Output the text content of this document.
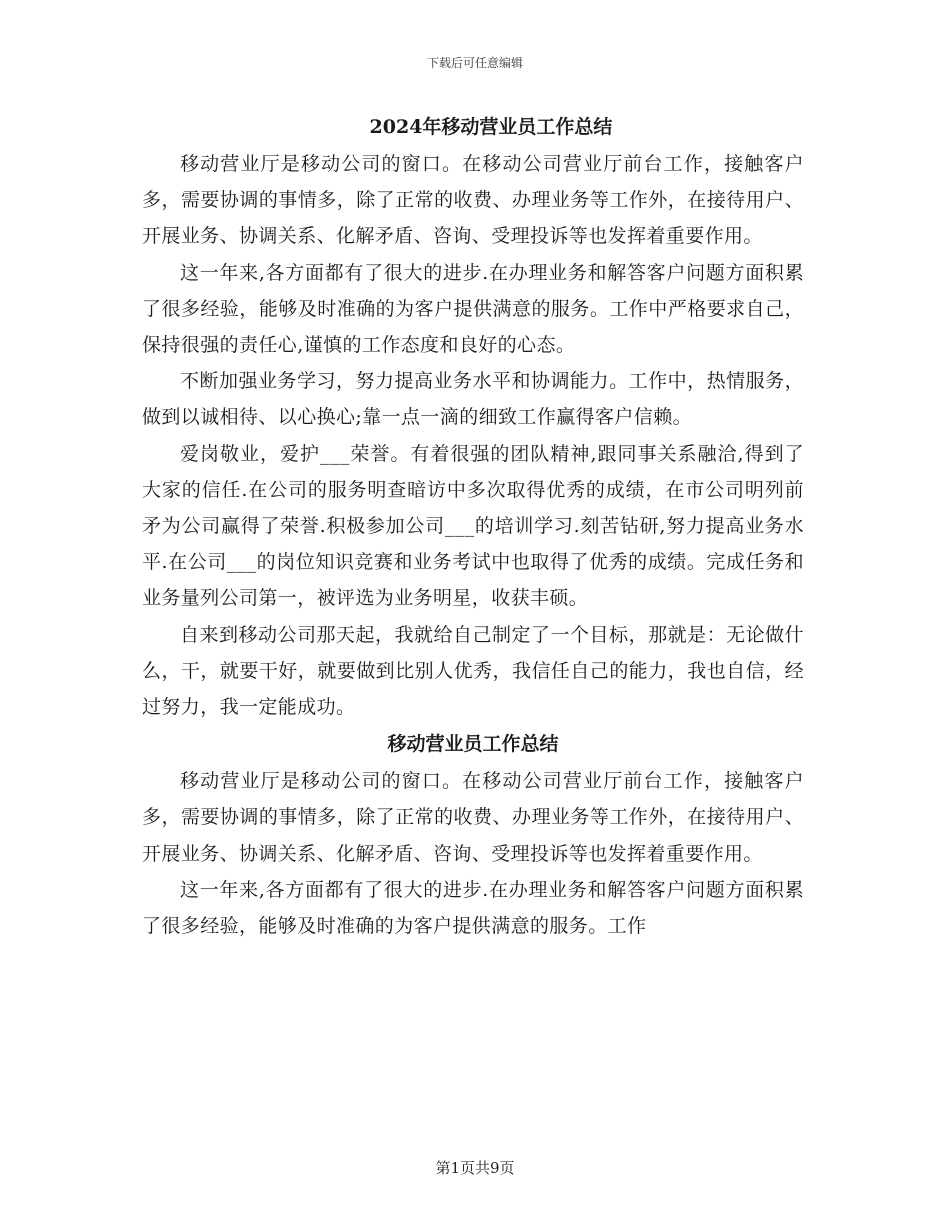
下载后可任意编辑
2024年移动营业员工作总结

移动营业厅是移动公司的窗口。在移动公司营业厅前台工作，接触客户多，需要协调的事情多，除了正常的收费、办理业务等工作外，在接待用户、开展业务、协调关系、化解矛盾、咨询、受理投诉等也发挥着重要作用。

这一年来,各方面都有了很大的进步.在办理业务和解答客户问题方面积累了很多经验，能够及时准确的为客户提供满意的服务。工作中严格要求自己，保持很强的责任心,谨慎的工作态度和良好的心态。

不断加强业务学习，努力提高业务水平和协调能力。工作中，热情服务，做到以诚相待、以心换心;靠一点一滴的细致工作赢得客户信赖。

爱岗敬业，爱护___荣誉。有着很强的团队精神,跟同事关系融洽,得到了大家的信任.在公司的服务明查暗访中多次取得优秀的成绩，在市公司明列前矛为公司赢得了荣誉.积极参加公司___的培训学习.刻苦钻研,努力提高业务水平.在公司___的岗位知识竞赛和业务考试中也取得了优秀的成绩。完成任务和业务量列公司第一，被评选为业务明星，收获丰硕。

自来到移动公司那天起，我就给自己制定了一个目标，那就是：无论做什么，干，就要干好，就要做到比别人优秀，我信任自己的能力，我也自信，经过努力，我一定能成功。

移动营业员工作总结

移动营业厅是移动公司的窗口。在移动公司营业厅前台工作，接触客户多，需要协调的事情多，除了正常的收费、办理业务等工作外，在接待用户、开展业务、协调关系、化解矛盾、咨询、受理投诉等也发挥着重要作用。

这一年来,各方面都有了很大的进步.在办理业务和解答客户问题方面积累了很多经验，能够及时准确的为客户提供满意的服务。工作

第1页共9页
